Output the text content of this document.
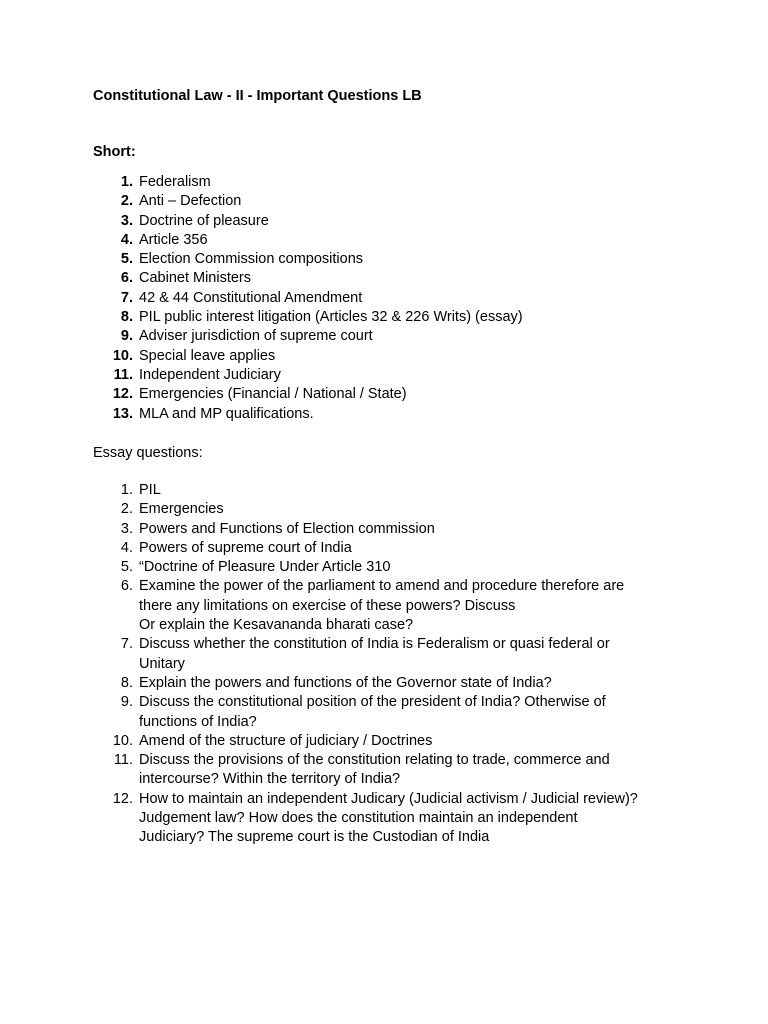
Constitutional Law - II - Important Questions LB
Short:
1. Federalism
2. Anti – Defection
3. Doctrine of pleasure
4. Article 356
5. Election Commission compositions
6. Cabinet Ministers
7. 42 & 44 Constitutional Amendment
8. PIL public interest litigation (Articles 32 & 226 Writs) (essay)
9. Adviser jurisdiction of supreme court
10. Special leave applies
11. Independent Judiciary
12. Emergencies (Financial / National / State)
13. MLA and MP qualifications.
Essay questions:
1. PIL
2. Emergencies
3. Powers and Functions of Election commission
4. Powers of supreme court of India
5. “Doctrine of Pleasure Under Article 310
6. Examine the power of the parliament to amend and procedure therefore are
there any limitations on exercise of these powers? Discuss
Or explain the Kesavananda bharati case?
7. Discuss whether the constitution of India is Federalism or quasi federal or
Unitary
8. Explain the powers and functions of the Governor state of India?
9. Discuss the constitutional position of the president of India? Otherwise of
functions of India?
10. Amend of the structure of judiciary / Doctrines
11. Discuss the provisions of the constitution relating to trade, commerce and
intercourse? Within the territory of India?
12. How to maintain an independent Judicary (Judicial activism / Judicial review)?
Judgement law? How does the constitution maintain an independent
Judiciary? The supreme court is the Custodian of India
